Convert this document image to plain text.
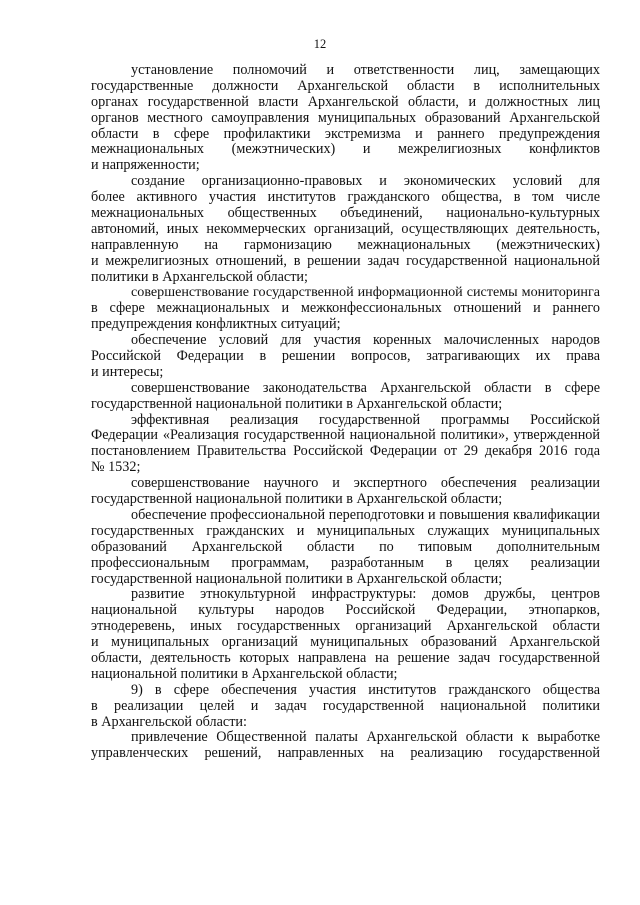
12
установление полномочий и ответственности лиц, замещающих
государственные должности Архангельской области в исполнительных
органах государственной власти Архангельской области, и должностных лиц
органов местного самоуправления муниципальных образований Архангельской
области в сфере профилактики экстремизма и раннего предупреждения
межнациональных (межэтнических) и межрелигиозных конфликтов
и напряженности;
создание организационно-правовых и экономических условий для
более активного участия институтов гражданского общества, в том числе
межнациональных общественных объединений, национально-культурных
автономий, иных некоммерческих организаций, осуществляющих деятельность,
направленную на гармонизацию межнациональных (межэтнических)
и межрелигиозных отношений, в решении задач государственной национальной
политики в Архангельской области;
совершенствование государственной информационной системы мониторинга
в сфере межнациональных и межконфессиональных отношений и раннего
предупреждения конфликтных ситуаций;
обеспечение условий для участия коренных малочисленных народов
Российской Федерации в решении вопросов, затрагивающих их права
и интересы;
совершенствование законодательства Архангельской области в сфере
государственной национальной политики в Архангельской области;
эффективная реализация государственной программы Российской
Федерации «Реализация государственной национальной политики», утвержденной
постановлением Правительства Российской Федерации от 29 декабря 2016 года
№ 1532;
совершенствование научного и экспертного обеспечения реализации
государственной национальной политики в Архангельской области;
обеспечение профессиональной переподготовки и повышения квалификации
государственных гражданских и муниципальных служащих муниципальных
образований Архангельской области по типовым дополнительным
профессиональным программам, разработанным в целях реализации
государственной национальной политики в Архангельской области;
развитие этнокультурной инфраструктуры: домов дружбы, центров
национальной культуры народов Российской Федерации, этнопарков,
этнодеревень, иных государственных организаций Архангельской области
и муниципальных организаций муниципальных образований Архангельской
области, деятельность которых направлена на решение задач государственной
национальной политики в Архангельской области;
9) в сфере обеспечения участия институтов гражданского общества
в реализации целей и задач государственной национальной политики
в Архангельской области:
привлечение Общественной палаты Архангельской области к выработке
управленческих решений, направленных на реализацию государственной
